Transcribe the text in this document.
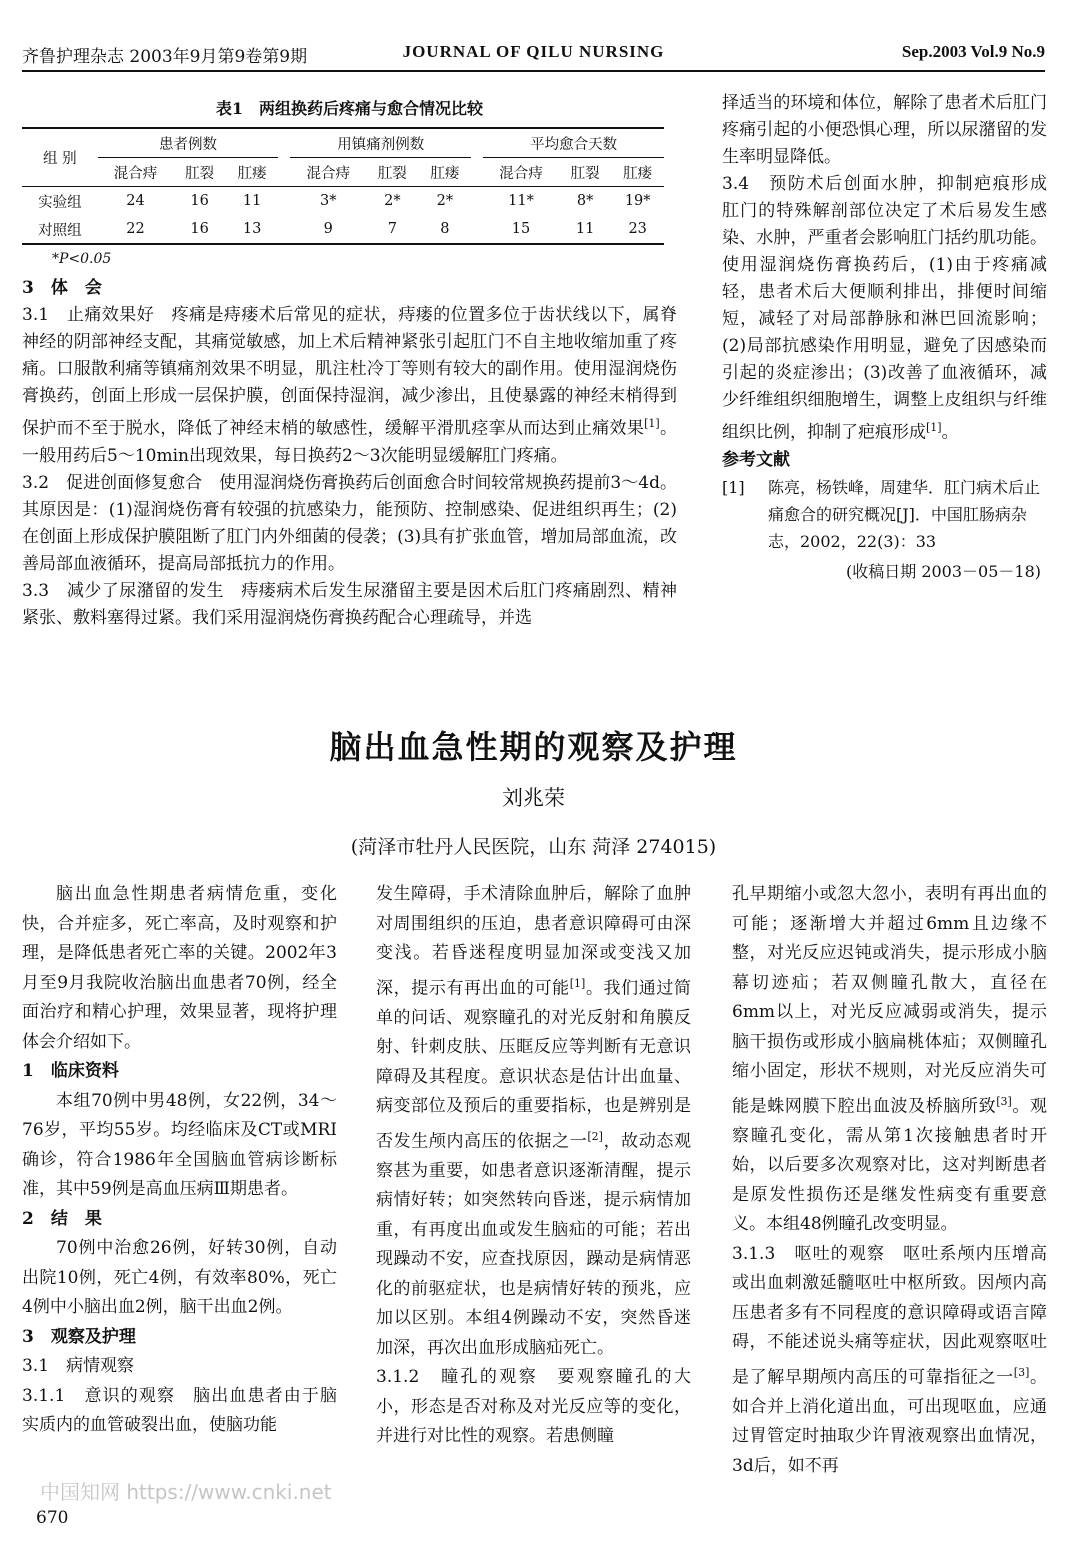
齐鲁护理杂志 2003年9月第9卷第9期	JOURNAL OF QILU NURSING	Sep.2003 Vol.9 No.9
表1　两组换药后疼痛与愈合情况比较
组 别	患者例数				用镇痛剂例数				平均愈合天数		
	混合痔	肛裂	肛瘘		混合痔	肛裂	肛瘘		混合痔	肛裂	肛瘘
实验组	24	16	11		3*	2*	2*		11*	8*	19*
对照组	22	16	13		9	7	8		15	11	23
*P<0.05
3　体　会

3.1　止痛效果好　疼痛是痔瘘术后常见的症状，痔瘘的位置多位于齿状线以下，属脊神经的阴部神经支配，其痛觉敏感，加上术后精神紧张引起肛门不自主地收缩加重了疼痛。口服散利痛等镇痛剂效果不明显，肌注杜冷丁等则有较大的副作用。使用湿润烧伤膏换药，创面上形成一层保护膜，创面保持湿润，减少渗出，且使暴露的神经末梢得到保护而不至于脱水，降低了神经末梢的敏感性，缓解平滑肌痉挛从而达到止痛效果[1]。一般用药后5～10min出现效果，每日换药2～3次能明显缓解肛门疼痛。

3.2　促进创面修复愈合　使用湿润烧伤膏换药后创面愈合时间较常规换药提前3～4d。其原因是：(1)湿润烧伤膏有较强的抗感染力，能预防、控制感染、促进组织再生；(2)在创面上形成保护膜阻断了肛门内外细菌的侵袭；(3)具有扩张血管，增加局部血流，改善局部血液循环，提高局部抵抗力的作用。

3.3　减少了尿潴留的发生　痔瘘病术后发生尿潴留主要是因术后肛门疼痛剧烈、精神紧张、敷料塞得过紧。我们采用湿润烧伤膏换药配合心理疏导，并选

择适当的环境和体位，解除了患者术后肛门疼痛引起的小便恐惧心理，所以尿潴留的发生率明显降低。

3.4　预防术后创面水肿，抑制疤痕形成　肛门的特殊解剖部位决定了术后易发生感染、水肿，严重者会影响肛门括约肌功能。使用湿润烧伤膏换药后，(1)由于疼痛减轻，患者术后大便顺利排出，排便时间缩短，减轻了对局部静脉和淋巴回流影响；(2)局部抗感染作用明显，避免了因感染而引起的炎症渗出；(3)改善了血液循环，减少纤维组织细胞增生，调整上皮组织与纤维组织比例，抑制了疤痕形成[1]。

参考文献
[1]	陈亮，杨铁峰，周建华．肛门病术后止痛愈合的研究概况[J]．中国肛肠病杂志，2002，22(3)：33
(收稿日期 2003－05－18)
脑出血急性期的观察及护理
刘兆荣
(菏泽市牡丹人民医院，山东 菏泽 274015)

脑出血急性期患者病情危重，变化快，合并症多，死亡率高，及时观察和护理，是降低患者死亡率的关键。2002年3月至9月我院收治脑出血患者70例，经全面治疗和精心护理，效果显著，现将护理体会介绍如下。

1　临床资料

本组70例中男48例，女22例，34～76岁，平均55岁。均经临床及CT或MRI确诊，符合1986年全国脑血管病诊断标准，其中59例是高血压病Ⅲ期患者。

2　结　果

70例中治愈26例，好转30例，自动出院10例，死亡4例，有效率80%，死亡4例中小脑出血2例，脑干出血2例。

3　观察及护理
3.1　病情观察

3.1.1　意识的观察　脑出血患者由于脑实质内的血管破裂出血，使脑功能

发生障碍，手术清除血肿后，解除了血肿对周围组织的压迫，患者意识障碍可由深变浅。若昏迷程度明显加深或变浅又加深，提示有再出血的可能[1]。我们通过简单的问话、观察瞳孔的对光反射和角膜反射、针刺皮肤、压眶反应等判断有无意识障碍及其程度。意识状态是估计出血量、病变部位及预后的重要指标，也是辨别是否发生颅内高压的依据之一[2]，故动态观察甚为重要，如患者意识逐渐清醒，提示病情好转；如突然转向昏迷，提示病情加重，有再度出血或发生脑疝的可能；若出现躁动不安，应查找原因，躁动是病情恶化的前驱症状，也是病情好转的预兆，应加以区别。本组4例躁动不安，突然昏迷加深，再次出血形成脑疝死亡。

3.1.2　瞳孔的观察　要观察瞳孔的大小，形态是否对称及对光反应等的变化，并进行对比性的观察。若患侧瞳

孔早期缩小或忽大忽小，表明有再出血的可能；逐渐增大并超过6mm且边缘不整，对光反应迟钝或消失，提示形成小脑幕切迹疝；若双侧瞳孔散大，直径在6mm以上，对光反应减弱或消失，提示脑干损伤或形成小脑扁桃体疝；双侧瞳孔缩小固定，形状不规则，对光反应消失可能是蛛网膜下腔出血波及桥脑所致[3]。观察瞳孔变化，需从第1次接触患者时开始，以后要多次观察对比，这对判断患者是原发性损伤还是继发性病变有重要意义。本组48例瞳孔改变明显。

3.1.3　呕吐的观察　呕吐系颅内压增高或出血刺激延髓呕吐中枢所致。因颅内高压患者多有不同程度的意识障碍或语言障碍，不能述说头痛等症状，因此观察呕吐是了解早期颅内高压的可靠指征之一[3]。如合并上消化道出血，可出现呕血，应通过胃管定时抽取少许胃液观察出血情况，3d后，如不再

中国知网 https://www.cnki.net
670
